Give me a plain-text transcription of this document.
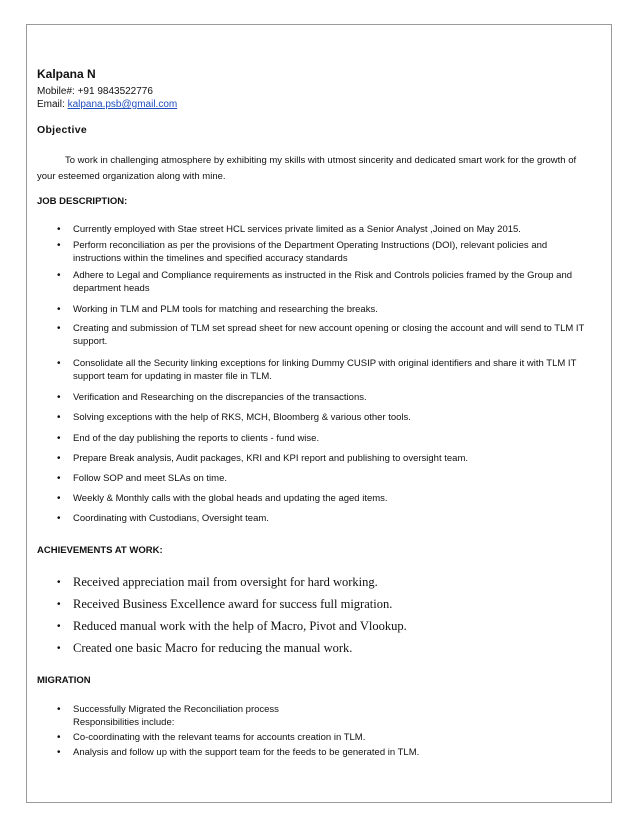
Kalpana N
Mobile#: +91 9843522776
Email: kalpana.psb@gmail.com
Objective
To work in challenging atmosphere by exhibiting my skills with utmost sincerity and dedicated smart work for the growth of your esteemed organization along with mine.
JOB DESCRIPTION:
• Currently employed with Stae street HCL services private limited as a Senior Analyst ,Joined on May 2015.
• Perform reconciliation as per the provisions of the Department Operating Instructions (DOI), relevant policies and instructions within the timelines and specified accuracy standards
• Adhere to Legal and Compliance requirements as instructed in the Risk and Controls policies framed by the Group and department heads
• Working in TLM and PLM tools for matching and researching the breaks.
• Creating and submission of TLM set spread sheet for new account opening or closing the account and will send to TLM IT support.
• Consolidate all the Security linking exceptions for linking Dummy CUSIP with original identifiers and share it with TLM IT support team for updating in master file in TLM.
• Verification and Researching on the discrepancies of the transactions.
• Solving exceptions with the help of RKS, MCH, Bloomberg & various other tools.
• End of the day publishing the reports to clients - fund wise.
• Prepare Break analysis, Audit packages, KRI and KPI report and publishing to oversight team.
• Follow SOP and meet SLAs on time.
• Weekly & Monthly calls with the global heads and updating the aged items.
• Coordinating with Custodians, Oversight team.
ACHIEVEMENTS AT WORK:
• Received appreciation mail from oversight for hard working.
• Received Business Excellence award for success full migration.
• Reduced manual work with the help of Macro, Pivot and Vlookup.
• Created one basic Macro for reducing the manual work.
MIGRATION
• Successfully Migrated the Reconciliation process
Responsibilities include:
• Co-coordinating with the relevant teams for accounts creation in TLM.
• Analysis and follow up with the support team for the feeds to be generated in TLM.
